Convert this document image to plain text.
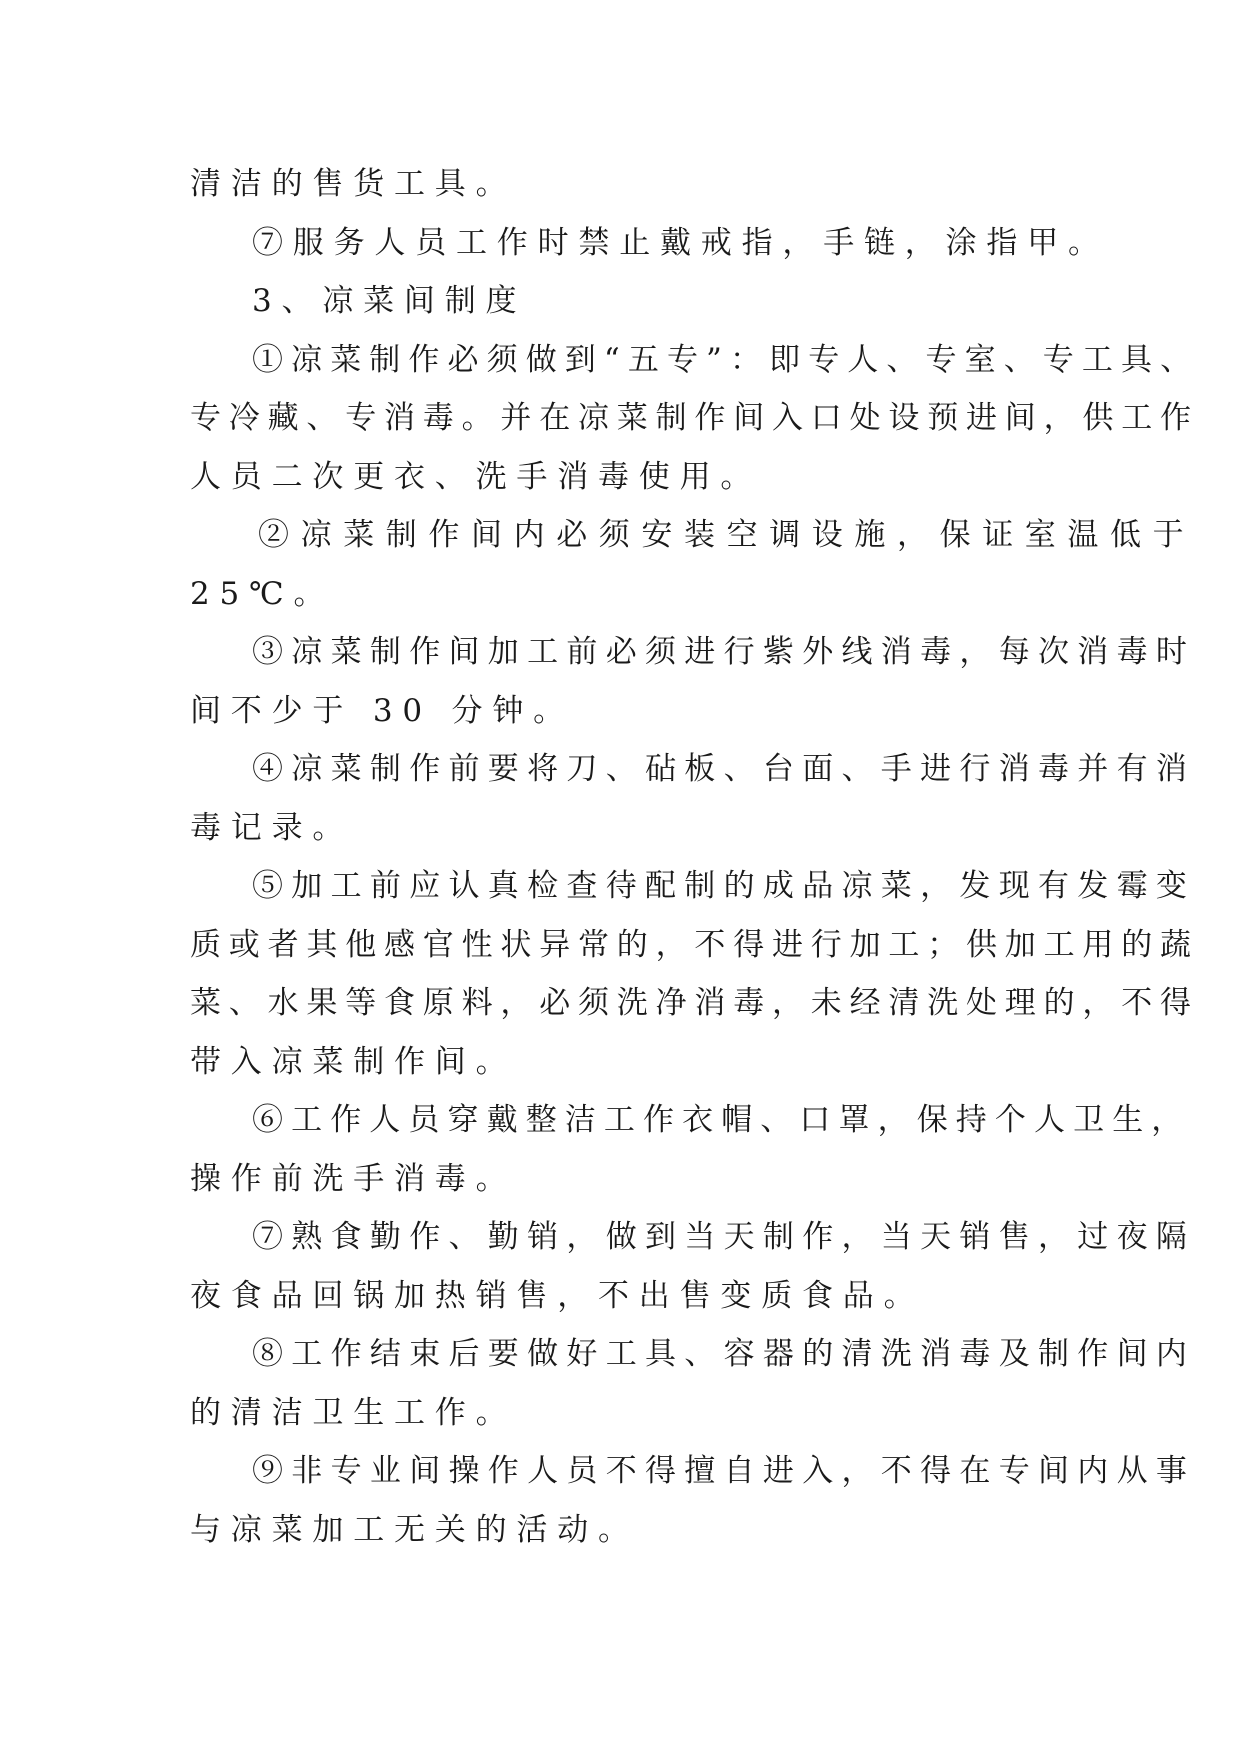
清洁的售货工具。
⑦服务人员工作时禁止戴戒指，手链，涂指甲。
3、凉菜间制度
①凉菜制作必须做到“五专”：即专人、专室、专工具、
专冷藏、专消毒。并在凉菜制作间入口处设预进间，供工作
人员二次更衣、洗手消毒使用。
②凉菜制作间内必须安装空调设施，保证室温低于
25℃。
③凉菜制作间加工前必须进行紫外线消毒，每次消毒时
间不少于 30 分钟。
④凉菜制作前要将刀、砧板、台面、手进行消毒并有消
毒记录。
⑤加工前应认真检查待配制的成品凉菜，发现有发霉变
质或者其他感官性状异常的，不得进行加工；供加工用的蔬
菜、水果等食原料，必须洗净消毒，未经清洗处理的，不得
带入凉菜制作间。
⑥工作人员穿戴整洁工作衣帽、口罩，保持个人卫生，
操作前洗手消毒。
⑦熟食勤作、勤销，做到当天制作，当天销售，过夜隔
夜食品回锅加热销售，不出售变质食品。
⑧工作结束后要做好工具、容器的清洗消毒及制作间内
的清洁卫生工作。
⑨非专业间操作人员不得擅自进入，不得在专间内从事
与凉菜加工无关的活动。
